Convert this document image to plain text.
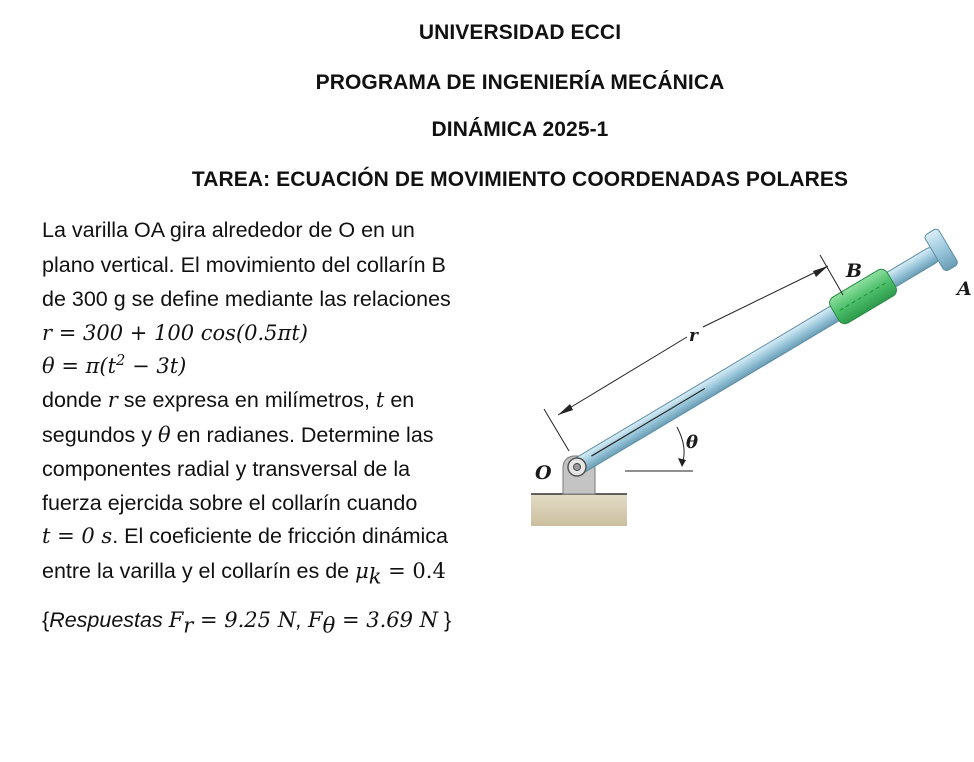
UNIVERSIDAD ECCI
PROGRAMA DE INGENIERÍA MECÁNICA
DINÁMICA 2025-1
TAREA: ECUACIÓN DE MOVIMIENTO COORDENADAS POLARES
La varilla OA gira alrededor de O en un
plano vertical. El movimiento del collarín B
de 300 g se define mediante las relaciones
r = 300 + 100 cos(0.5πt)
$\theta = \pi(t^2 - 3t)$
donde r se expresa en milímetros, t en
segundos y θ en radianes. Determine las
componentes radial y transversal de la
fuerza ejercida sobre el collarín cuando
t = 0 s. El coeficiente de fricción dinámica
entre la varilla y el collarín es de $\mu_k = 0.4$
{Respuestas $F_r = 9.25$ N, $F_\theta = 3.69$ N }
O
A
B
r
θ
